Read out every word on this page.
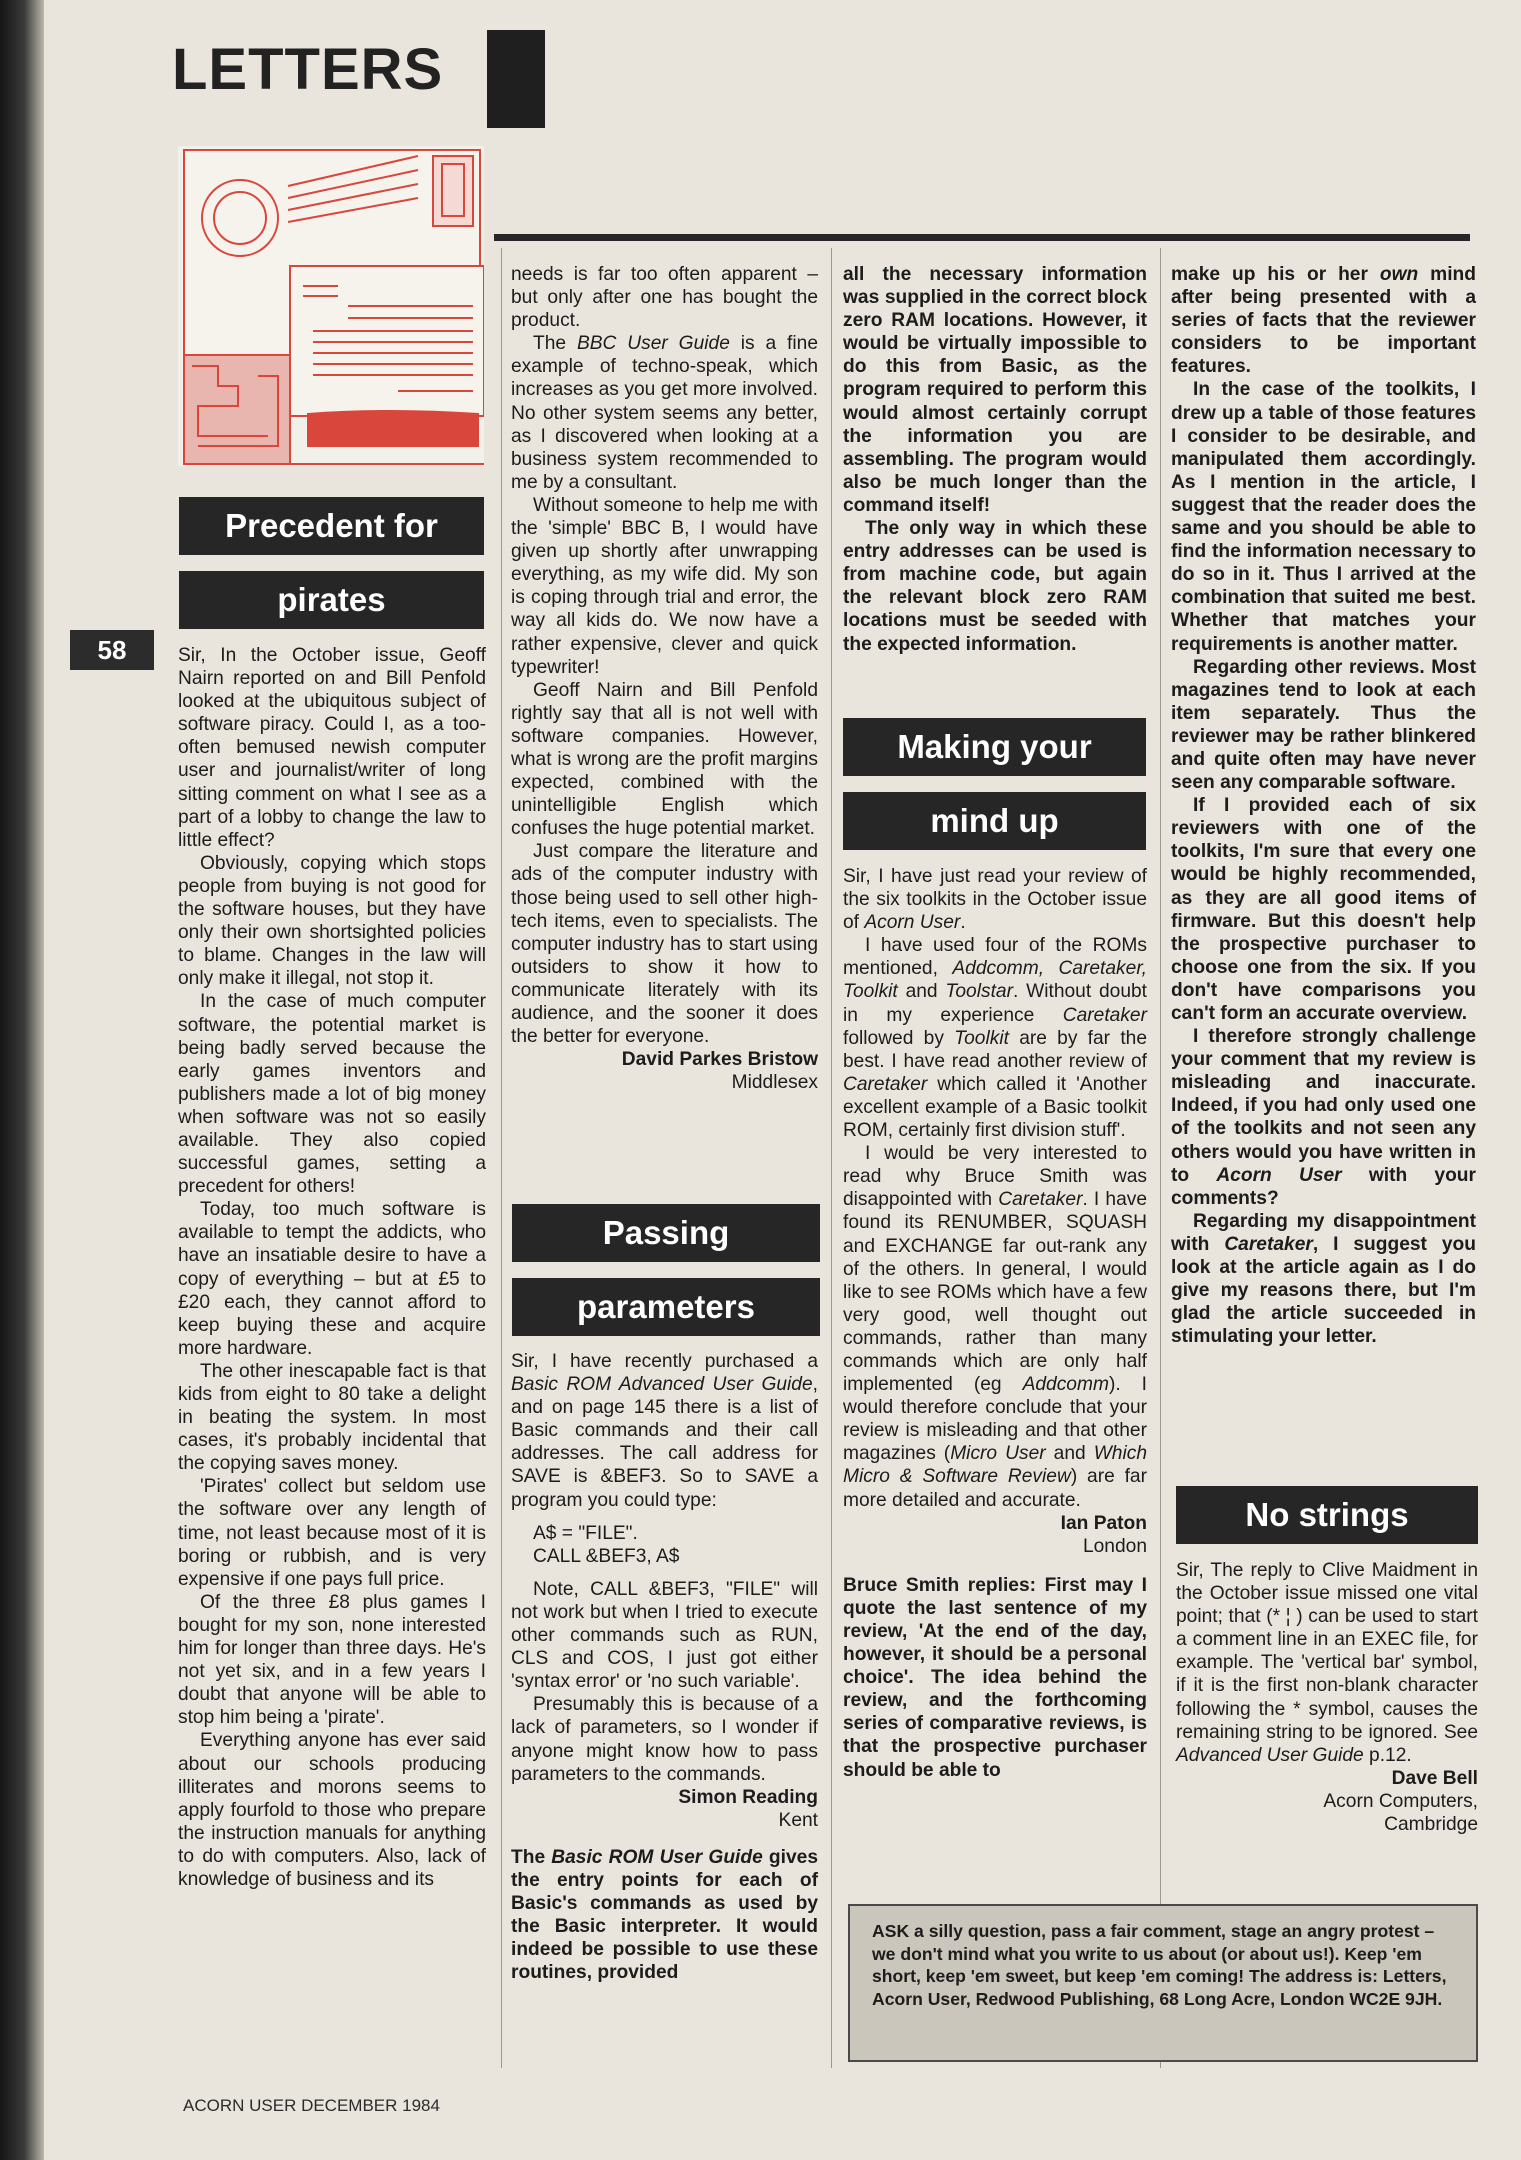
LETTERS
58
Precedent for
pirates

Sir, In the October issue, Geoff Nairn reported on and Bill Penfold looked at the ubiquitous subject of software piracy. Could I, as a too-often bemused newish computer user and journalist/writer of long sitting comment on what I see as a part of a lobby to change the law to little effect?

Obviously, copying which stops people from buying is not good for the software houses, but they have only their own shortsighted policies to blame. Changes in the law will only make it illegal, not stop it.

In the case of much computer software, the potential market is being badly served because the early games inventors and publishers made a lot of big money when software was not so easily available. They also copied successful games, setting a precedent for others!

Today, too much software is available to tempt the addicts, who have an insatiable desire to have a copy of everything – but at £5 to £20 each, they cannot afford to keep buying these and acquire more hardware.

The other inescapable fact is that kids from eight to 80 take a delight in beating the system. In most cases, it's probably incidental that the copying saves money.

'Pirates' collect but seldom use the software over any length of time, not least because most of it is boring or rubbish, and is very expensive if one pays full price.

Of the three £8 plus games I bought for my son, none interested him for longer than three days. He's not yet six, and in a few years I doubt that anyone will be able to stop him being a 'pirate'.

Everything anyone has ever said about our schools producing illiterates and morons seems to apply fourfold to those who prepare the instruction manuals for anything to do with computers. Also, lack of knowledge of business and its

needs is far too often apparent – but only after one has bought the product.

The BBC User Guide is a fine example of techno-speak, which increases as you get more involved. No other system seems any better, as I discovered when looking at a business system recommended to me by a consultant.

Without someone to help me with the 'simple' BBC B, I would have given up shortly after unwrapping everything, as my wife did. My son is coping through trial and error, the way all kids do. We now have a rather expensive, clever and quick typewriter!

Geoff Nairn and Bill Penfold rightly say that all is not well with software companies. However, what is wrong are the profit margins expected, combined with the unintelligible English which confuses the huge potential market.

Just compare the literature and ads of the computer industry with those being used to sell other high-tech items, even to specialists. The computer industry has to start using outsiders to show it how to communicate literately with its audience, and the sooner it does the better for everyone.

David Parkes Bristow

Middlesex

Passing
parameters

Sir, I have recently purchased a Basic ROM Advanced User Guide, and on page 145 there is a list of Basic commands and their call addresses. The call address for SAVE is &BEF3. So to SAVE a program you could type:

A$ = "FILE".
CALL &BEF3, A$

Note, CALL &BEF3, "FILE" will not work but when I tried to execute other commands such as RUN, CLS and COS, I just got either 'syntax error' or 'no such variable'.

Presumably this is because of a lack of parameters, so I wonder if anyone might know how to pass parameters to the commands.

Simon Reading

Kent

The Basic ROM User Guide gives the entry points for each of Basic's commands as used by the Basic interpreter. It would indeed be possible to use these routines, provided

all the necessary information was supplied in the correct block zero RAM locations. However, it would be virtually impossible to do this from Basic, as the program required to perform this would almost certainly corrupt the information you are assembling. The program would also be much longer than the command itself!

The only way in which these entry addresses can be used is from machine code, but again the relevant block zero RAM locations must be seeded with the expected information.

Making your
mind up

Sir, I have just read your review of the six toolkits in the October issue of Acorn User.

I have used four of the ROMs mentioned, Addcomm, Caretaker, Toolkit and Toolstar. Without doubt in my experience Caretaker followed by Toolkit are by far the best. I have read another review of Caretaker which called it 'Another excellent example of a Basic toolkit ROM, certainly first division stuff'.

I would be very interested to read why Bruce Smith was disappointed with Caretaker. I have found its RENUMBER, SQUASH and EXCHANGE far out-rank any of the others. In general, I would like to see ROMs which have a few very good, well thought out commands, rather than many commands which are only half implemented (eg Addcomm). I would therefore conclude that your review is misleading and that other magazines (Micro User and Which Micro & Software Review) are far more detailed and accurate.

Ian Paton

London

Bruce Smith replies: First may I quote the last sentence of my review, 'At the end of the day, however, it should be a personal choice'. The idea behind the review, and the forthcoming series of comparative reviews, is that the prospective purchaser should be able to

make up his or her own mind after being presented with a series of facts that the reviewer considers to be important features.

In the case of the toolkits, I drew up a table of those features I consider to be desirable, and manipulated them accordingly. As I mention in the article, I suggest that the reader does the same and you should be able to find the information necessary to do so in it. Thus I arrived at the combination that suited me best. Whether that matches your requirements is another matter.

Regarding other reviews. Most magazines tend to look at each item separately. Thus the reviewer may be rather blinkered and quite often may have never seen any comparable software.

If I provided each of six reviewers with one of the toolkits, I'm sure that every one would be highly recommended, as they are all good items of firmware. But this doesn't help the prospective purchaser to choose one from the six. If you don't have comparisons you can't form an accurate overview.

I therefore strongly challenge your comment that my review is misleading and inaccurate. Indeed, if you had only used one of the toolkits and not seen any others would you have written in to Acorn User with your comments?

Regarding my disappointment with Caretaker, I suggest you look at the article again as I do give my reasons there, but I'm glad the article succeeded in stimulating your letter.

No strings

Sir, The reply to Clive Maidment in the October issue missed one vital point; that (* ¦ ) can be used to start a comment line in an EXEC file, for example. The 'vertical bar' symbol, if it is the first non-blank character following the * symbol, causes the remaining string to be ignored. See Advanced User Guide p.12.

Dave Bell

Acorn Computers,

Cambridge

ASK a silly question, pass a fair comment, stage an angry protest – we don't mind what you write to us about (or about us!). Keep 'em short, keep 'em sweet, but keep 'em coming! The address is: Letters, Acorn User, Redwood Publishing, 68 Long Acre, London WC2E 9JH.
ACORN USER DECEMBER 1984
